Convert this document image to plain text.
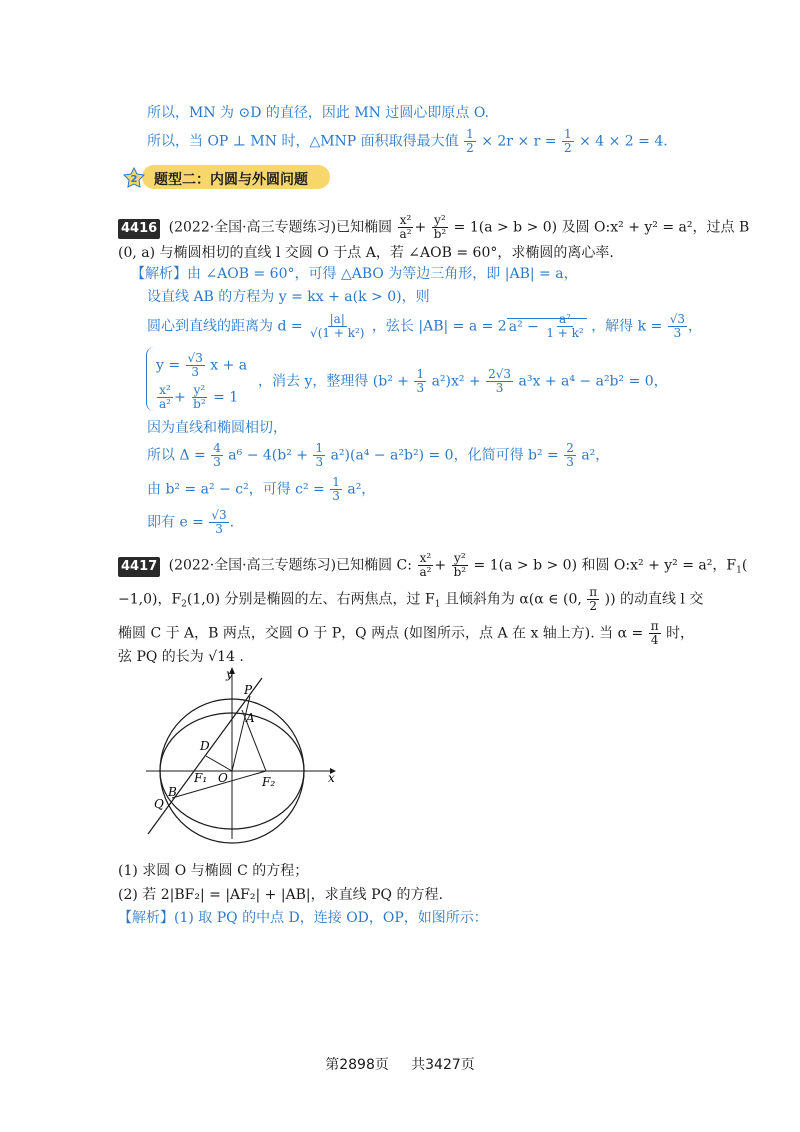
所以，MN 为 ⊙D 的直径，因此 MN 过圆心即原点 O.
所以，当 OP ⊥ MN 时，△MNP 面积取得最大值 $\frac{1}{2} \times 2r \times r = \frac{1}{2} \times 4 \times 2 = 4$.
2 题型二：内圆与外圆问题
4416 (2022·全国·高三专题练习)已知椭圆 $\frac{\text{x²}}{\text{a²}} + \frac{\text{y²}}{\text{b²}} = 1(a > b > 0)$ 及圆 O:x² + y² = a²，过点 B
(0, a) 与椭圆相切的直线 l 交圆 O 于点 A，若 ∠AOB = 60°，求椭圆的离心率.
【解析】由 ∠AOB = 60°，可得 △ABO 为等边三角形，即 |AB| = a，
设直线 AB 的方程为 y = kx + a(k > 0)，则
圆心到直线的距离为 $d = \frac{|a|}{\text{√(1 + k²)}}$ ，弦长 |AB| = a = 2 $a^2 - \frac{\text{a²}}{\text{1 + k²}}$ ，解得 $k = \frac{√3}{3}$ ，
$y = \frac{√3}{3}$ x + a
$\frac{\text{x²}}{\text{a²}} + \frac{\text{y²}}{\text{b²}} = 1$
，消去 y，整理得 $(b^2 + \frac{1}{3} a^2)x^2 + \frac{2√3}{3} a^3x + a^4 - a^2b^2 = 0$，
因为直线和椭圆相切，
所以 $\Delta = \frac{4}{3} a^6 - 4(b^2 + \frac{1}{3} a^2)(a^4 - a^2b^2) = 0$，化简可得 $b^2 = \frac{2}{3} a^2$，
由 b² = a² − c²，可得 $c^2 = \frac{1}{3} a^2$，
即有 $e = \frac{√3}{3}$ .
4417 (2022·全国·高三专题练习)已知椭圆 C: $\frac{\text{x²}}{\text{a²}} + \frac{\text{y²}}{\text{b²}} = 1(a > b > 0)$ 和圆 O:x² + y² = a²，$F_1$(
−1,0)，$F_2(1,0)$ 分别是椭圆的左、右两焦点，过 $F_1$ 且倾斜角为 α(α ∈ (0, $\frac{\pi}{2}$ )) 的动直线 l 交
椭圆 C 于 A，B 两点，交圆 O 于 P，Q 两点 (如图所示，点 A 在 x 轴上方). 当 $\alpha = \frac{\pi}{4}$ 时，
弦 PQ 的长为 √14 .
y
x
P
A
D
F₁ O	F₂
B
Q
(1) 求圆 O 与椭圆 C 的方程；
(2) 若 2|BF₂| = |AF₂| + |AB|，求直线 PQ 的方程.
【解析】(1) 取 PQ 的中点 D，连接 OD，OP，如图所示：
第2898页 共3427页
